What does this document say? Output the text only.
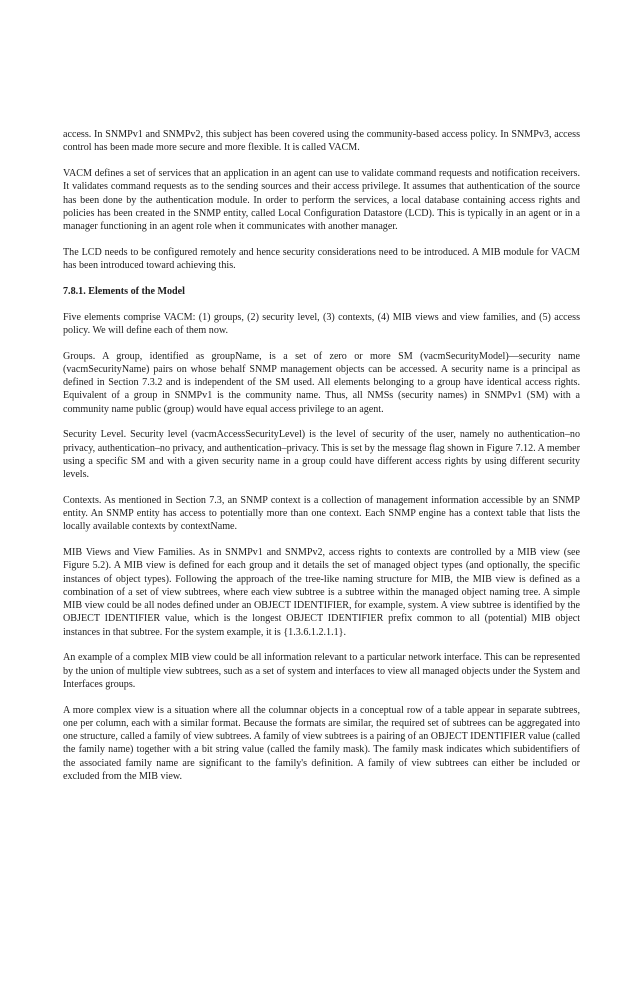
access. In SNMPv1 and SNMPv2, this subject has been covered using the community-based access policy. In SNMPv3, access control has been made more secure and more flexible. It is called VACM.

VACM defines a set of services that an application in an agent can use to validate command requests and notification receivers. It validates command requests as to the sending sources and their access privilege. It assumes that authentication of the source has been done by the authentication module. In order to perform the services, a local database containing access rights and policies has been created in the SNMP entity, called Local Configuration Datastore (LCD). This is typically in an agent or in a manager functioning in an agent role when it communicates with another manager.

The LCD needs to be configured remotely and hence security considerations need to be introduced. A MIB module for VACM has been introduced toward achieving this.

7.8.1. Elements of the Model

Five elements comprise VACM: (1) groups, (2) security level, (3) contexts, (4) MIB views and view families, and (5) access policy. We will define each of them now.

Groups. A group, identified as groupName, is a set of zero or more SM (vacmSecurityModel)—security name (vacmSecurityName) pairs on whose behalf SNMP management objects can be accessed. A security name is a principal as defined in Section 7.3.2 and is independent of the SM used. All elements belonging to a group have identical access rights. Equivalent of a group in SNMPv1 is the community name. Thus, all NMSs (security names) in SNMPv1 (SM) with a community name public (group) would have equal access privilege to an agent.

Security Level. Security level (vacmAccessSecurityLevel) is the level of security of the user, namely no authentication–no privacy, authentication–no privacy, and authentication–privacy. This is set by the message flag shown in Figure 7.12. A member using a specific SM and with a given security name in a group could have different access rights by using different security levels.

Contexts. As mentioned in Section 7.3, an SNMP context is a collection of management information accessible by an SNMP entity. An SNMP entity has access to potentially more than one context. Each SNMP engine has a context table that lists the locally available contexts by contextName.

MIB Views and View Families. As in SNMPv1 and SNMPv2, access rights to contexts are controlled by a MIB view (see Figure 5.2). A MIB view is defined for each group and it details the set of managed object types (and optionally, the specific instances of object types). Following the approach of the tree-like naming structure for MIB, the MIB view is defined as a combination of a set of view subtrees, where each view subtree is a subtree within the managed object naming tree. A simple MIB view could be all nodes defined under an OBJECT IDENTIFIER, for example, system. A view subtree is identified by the OBJECT IDENTIFIER value, which is the longest OBJECT IDENTIFIER prefix common to all (potential) MIB object instances in that subtree. For the system example, it is {1.3.6.1.2.1.1}.

An example of a complex MIB view could be all information relevant to a particular network interface. This can be represented by the union of multiple view subtrees, such as a set of system and interfaces to view all managed objects under the System and Interfaces groups.

A more complex view is a situation where all the columnar objects in a conceptual row of a table appear in separate subtrees, one per column, each with a similar format. Because the formats are similar, the required set of subtrees can be aggregated into one structure, called a family of view subtrees. A family of view subtrees is a pairing of an OBJECT IDENTIFIER value (called the family name) together with a bit string value (called the family mask). The family mask indicates which subidentifiers of the associated family name are significant to the family's definition. A family of view subtrees can either be included or excluded from the MIB view.
